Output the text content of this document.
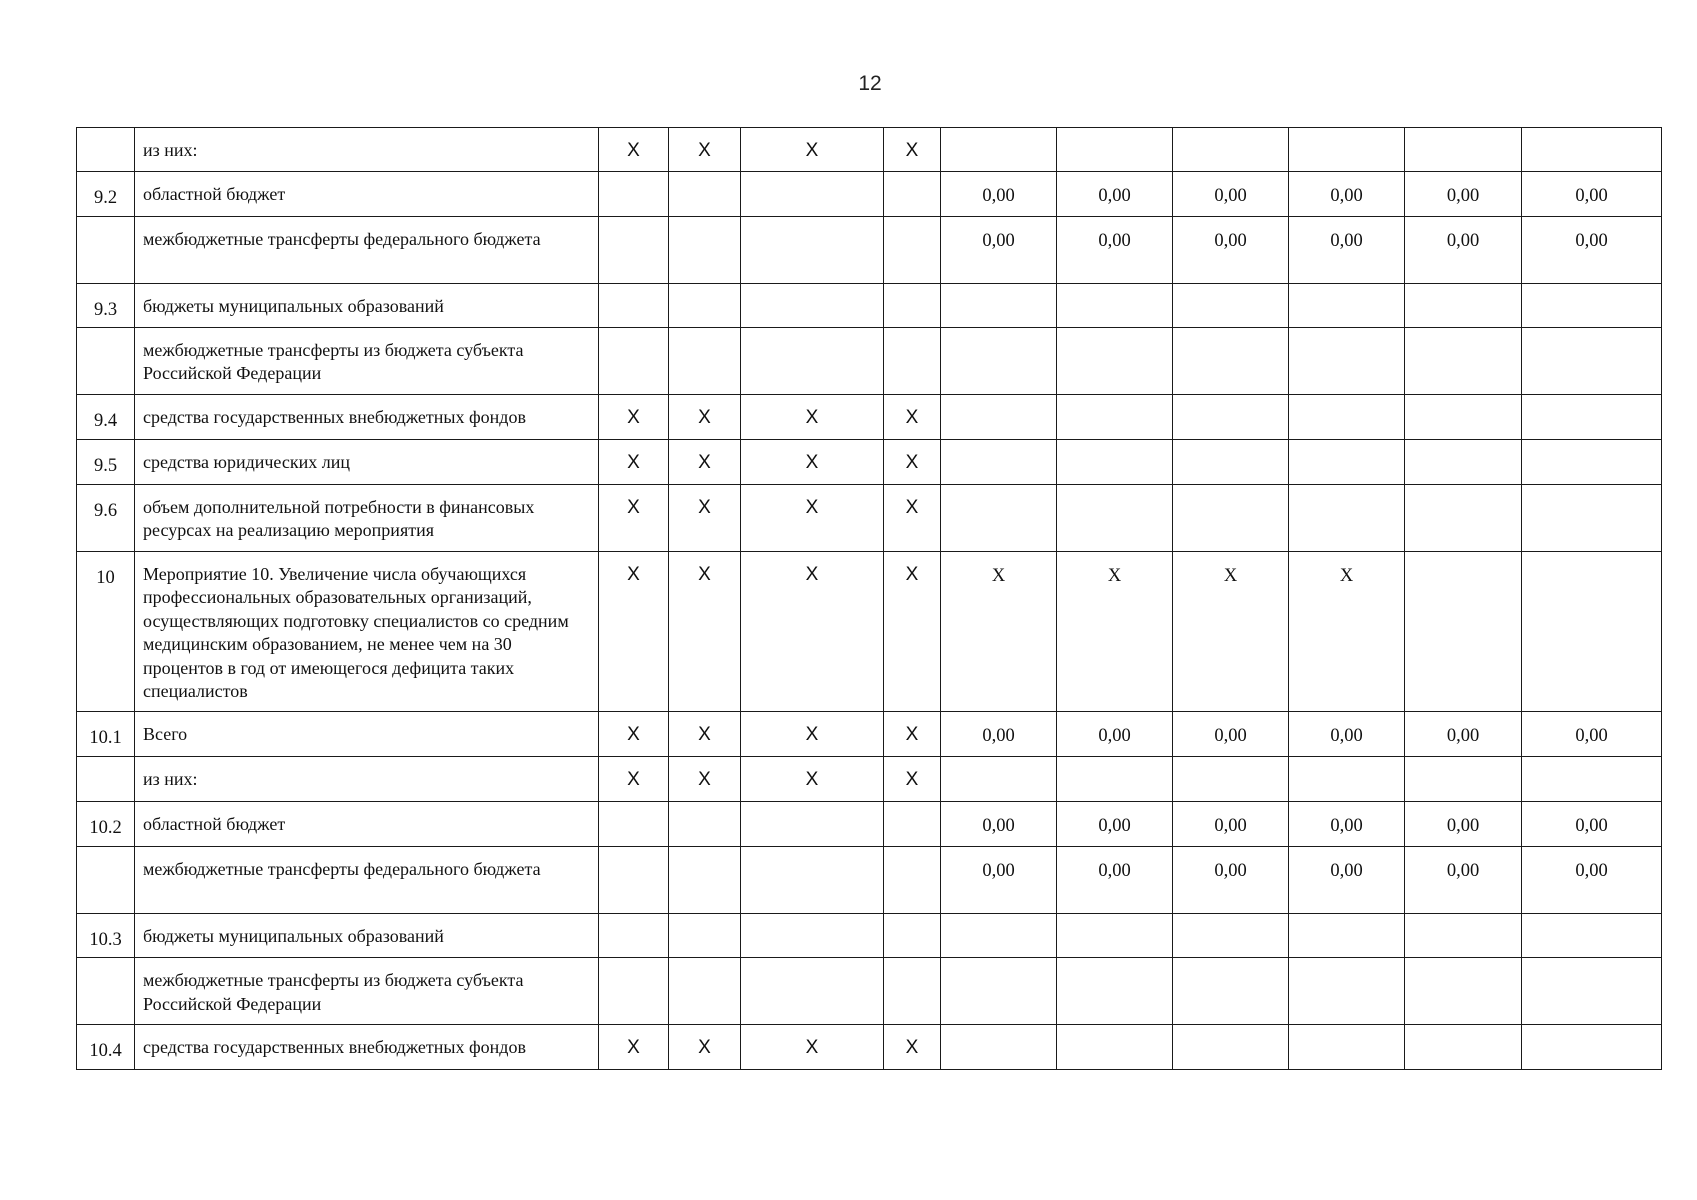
12
	из них:	X	X	X	X						
9.2	областной бюджет					0,00	0,00	0,00	0,00	0,00	0,00
	межбюджетные трансферты федерального бюджета					0,00	0,00	0,00	0,00	0,00	0,00
9.3	бюджеты муниципальных образований										
	межбюджетные трансферты из бюджета субъекта Российской Федерации										
9.4	средства государственных внебюджетных фондов	X	X	X	X						
9.5	средства юридических лиц	X	X	X	X						
9.6	объем дополнительной потребности в финансовых ресурсах на реализацию мероприятия	X	X	X	X						
10	Мероприятие 10. Увеличение числа обучающихся профессиональных образовательных организаций, осуществляющих подготовку специалистов со средним медицинским образованием, не менее чем на 30 процентов в год от имеющегося дефицита таких специалистов	X	X	X	X	X	X	X	X		
10.1	Всего	X	X	X	X	0,00	0,00	0,00	0,00	0,00	0,00
	из них:	X	X	X	X						
10.2	областной бюджет					0,00	0,00	0,00	0,00	0,00	0,00
	межбюджетные трансферты федерального бюджета					0,00	0,00	0,00	0,00	0,00	0,00
10.3	бюджеты муниципальных образований										
	межбюджетные трансферты из бюджета субъекта Российской Федерации										
10.4	средства государственных внебюджетных фондов	X	X	X	X						
